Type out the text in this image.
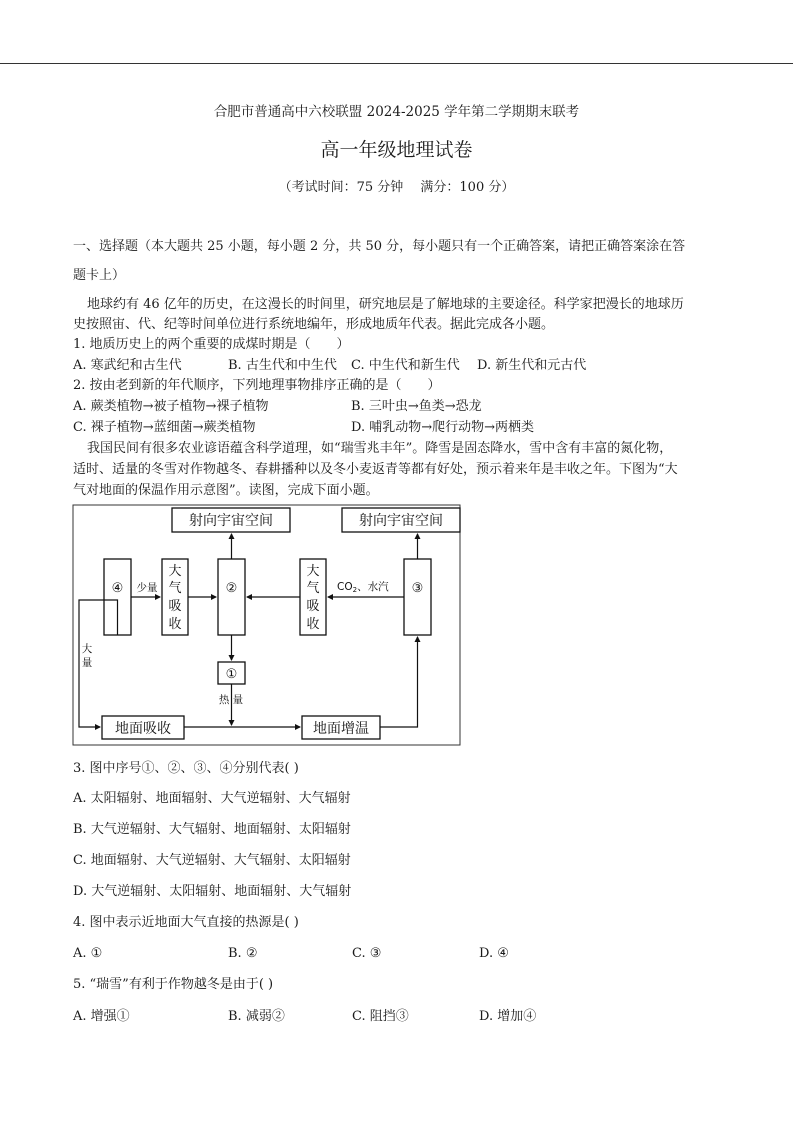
合肥市普通高中六校联盟 2024-2025 学年第二学期期末联考
高一年级地理试卷
（考试时间：75 分钟　 满分：100 分）
一、选择题（本大题共 25 小题，每小题 2 分，共 50 分，每小题只有一个正确答案，请把正确答案涂在答
题卡上）
地球约有 46 亿年的历史，在这漫长的时间里，研究地层是了解地球的主要途径。科学家把漫长的地球历
史按照宙、代、纪等时间单位进行系统地编年，形成地质年代表。据此完成各小题。
1. 地质历史上的两个重要的成煤时期是（　　）
A. 寒武纪和古生代	B. 古生代和中生代 C. 中生代和新生代 D. 新生代和元古代
2. 按由老到新的年代顺序，下列地理事物排序正确的是（　　）
A. 蕨类植物→被子植物→裸子植物	B. 三叶虫→鱼类→恐龙
C. 裸子植物→蓝细菌→蕨类植物	D. 哺乳动物→爬行动物→两栖类
我国民间有很多农业谚语蕴含科学道理，如“瑞雪兆丰年”。降雪是固态降水，雪中含有丰富的氮化物，
适时、适量的冬雪对作物越冬、春耕播种以及冬小麦返青等都有好处，预示着来年是丰收之年。下图为“大
气对地面的保温作用示意图”。读图，完成下面小题。
射向宇宙空间	射向宇宙空间
④
大
气
吸
收
②
大
气
吸
收
③
①
地面吸收	地面增温
少量	CO2、水汽
热 量
大
量
3. 图中序号①、②、③、④分别代表( )
A. 太阳辐射、地面辐射、大气逆辐射、大气辐射
B. 大气逆辐射、大气辐射、地面辐射、太阳辐射
C. 地面辐射、大气逆辐射、大气辐射、太阳辐射
D. 大气逆辐射、太阳辐射、地面辐射、大气辐射
4. 图中表示近地面大气直接的热源是( )
A. ①	B. ②	C. ③	D. ④
5. “瑞雪”有利于作物越冬是由于( )
A. 增强①	B. 减弱②	C. 阻挡③	D. 增加④
